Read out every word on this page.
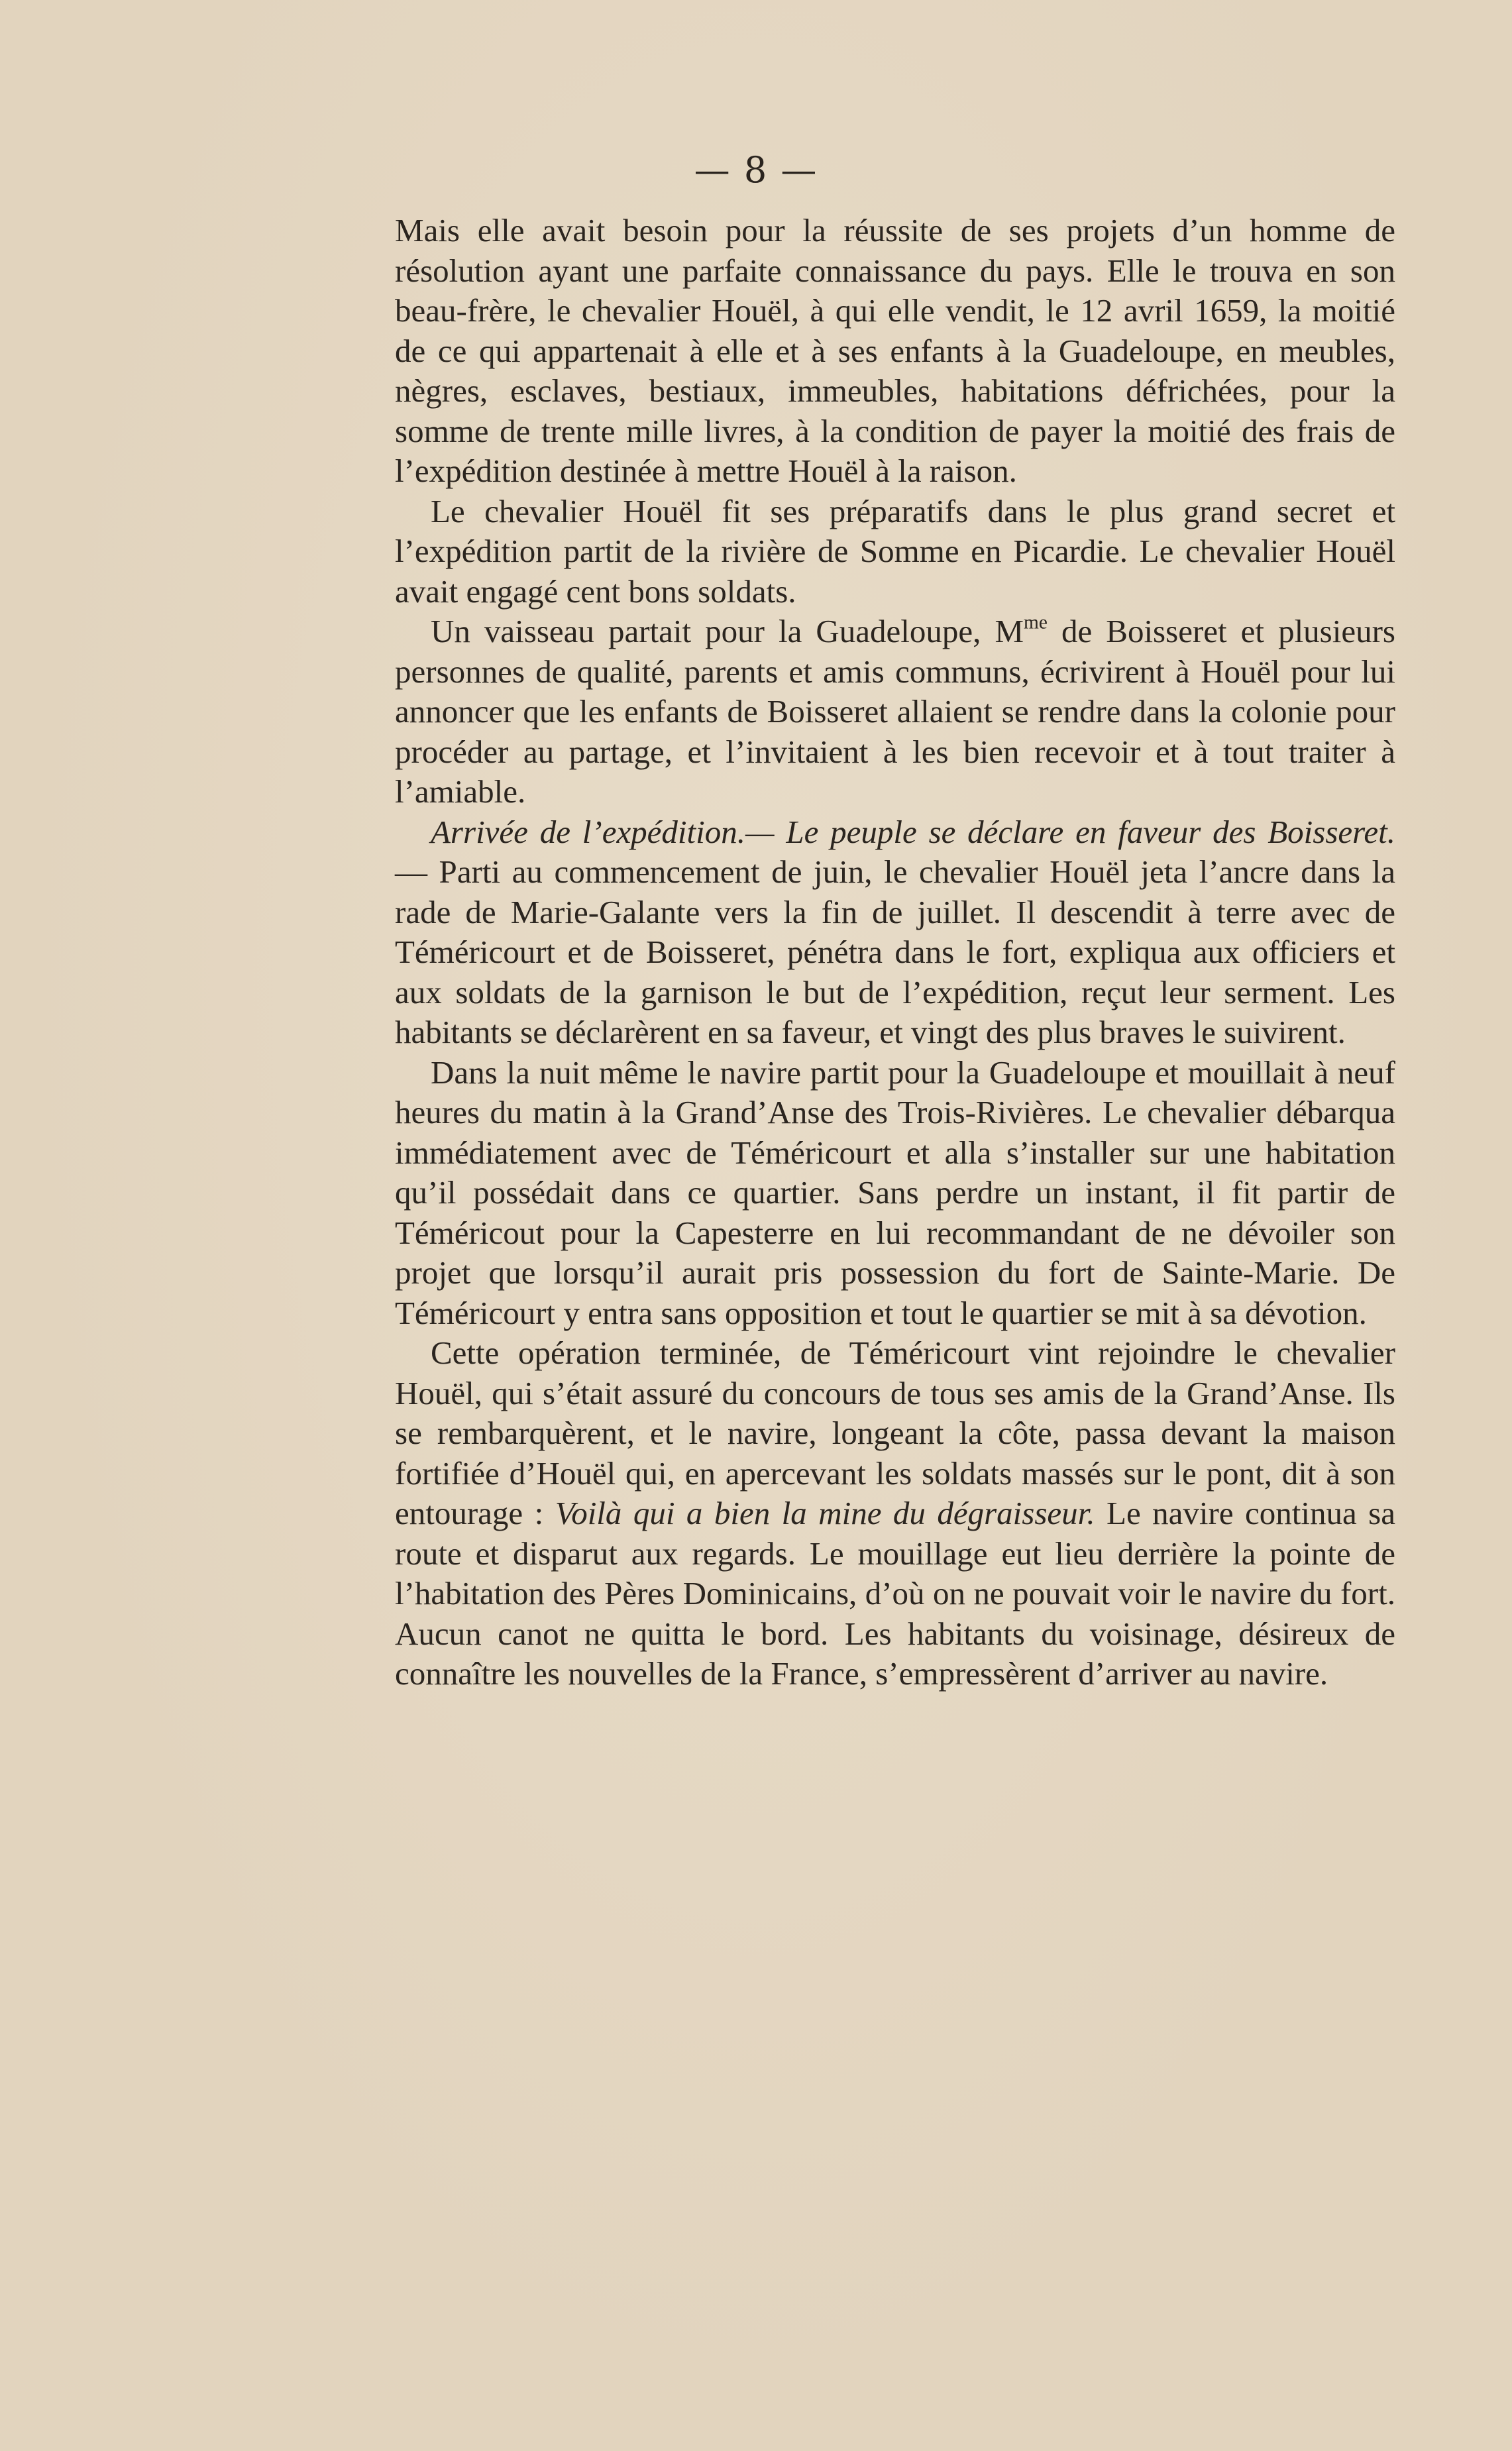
— 8 —

Mais elle avait besoin pour la réussite de ses projets d’un homme de résolution ayant une parfaite connaissance du pays. Elle le trouva en son beau-frère, le chevalier Houël, à qui elle vendit, le 12 avril 1659, la moitié de ce qui appartenait à elle et à ses enfants à la Guadeloupe, en meubles, nègres, esclaves, bestiaux, immeubles, habitations défrichées, pour la somme de trente mille livres, à la condition de payer la moitié des frais de l’expédition destinée à mettre Houël à la raison.

Le chevalier Houël fit ses préparatifs dans le plus grand secret et l’expédition partit de la rivière de Somme en Picardie. Le chevalier Houël avait engagé cent bons soldats.

Un vaisseau partait pour la Guadeloupe, $M^{me}$ de Boisseret et plusieurs personnes de qualité, parents et amis communs, écrivirent à Houël pour lui annoncer que les enfants de Boisseret allaient se rendre dans la colonie pour procéder au partage, et l’invitaient à les bien recevoir et à tout traiter à l’amiable.

Arrivée de l’expédition.— Le peuple se déclare en faveur des Boisseret. — Parti au commencement de juin, le chevalier Houël jeta l’ancre dans la rade de Marie-Galante vers la fin de juillet. Il descendit à terre avec de Téméricourt et de Boisseret, pénétra dans le fort, expliqua aux officiers et aux soldats de la garnison le but de l’expédition, reçut leur serment. Les habitants se déclarèrent en sa faveur, et vingt des plus braves le suivirent.

Dans la nuit même le navire partit pour la Guadeloupe et mouillait à neuf heures du matin à la Grand’Anse des Trois-Rivières. Le chevalier débarqua immédiatement avec de Téméricourt et alla s’installer sur une habitation qu’il possédait dans ce quartier. Sans perdre un instant, il fit partir de Téméricout pour la Capesterre en lui recommandant de ne dévoiler son projet que lorsqu’il aurait pris possession du fort de Sainte-Marie. De Téméricourt y entra sans opposition et tout le quartier se mit à sa dévotion.

Cette opération terminée, de Téméricourt vint rejoindre le chevalier Houël, qui s’était assuré du concours de tous ses amis de la Grand’Anse. Ils se rembarquèrent, et le navire, longeant la côte, passa devant la maison fortifiée d’Houël qui, en apercevant les soldats massés sur le pont, dit à son entourage : Voilà qui a bien la mine du dégraisseur. Le navire continua sa route et disparut aux regards. Le mouillage eut lieu derrière la pointe de l’habitation des Pères Dominicains, d’où on ne pouvait voir le navire du fort. Aucun canot ne quitta le bord. Les habitants du voisinage, désireux de connaître les nouvelles de la France, s’empressèrent d’arriver au navire.
